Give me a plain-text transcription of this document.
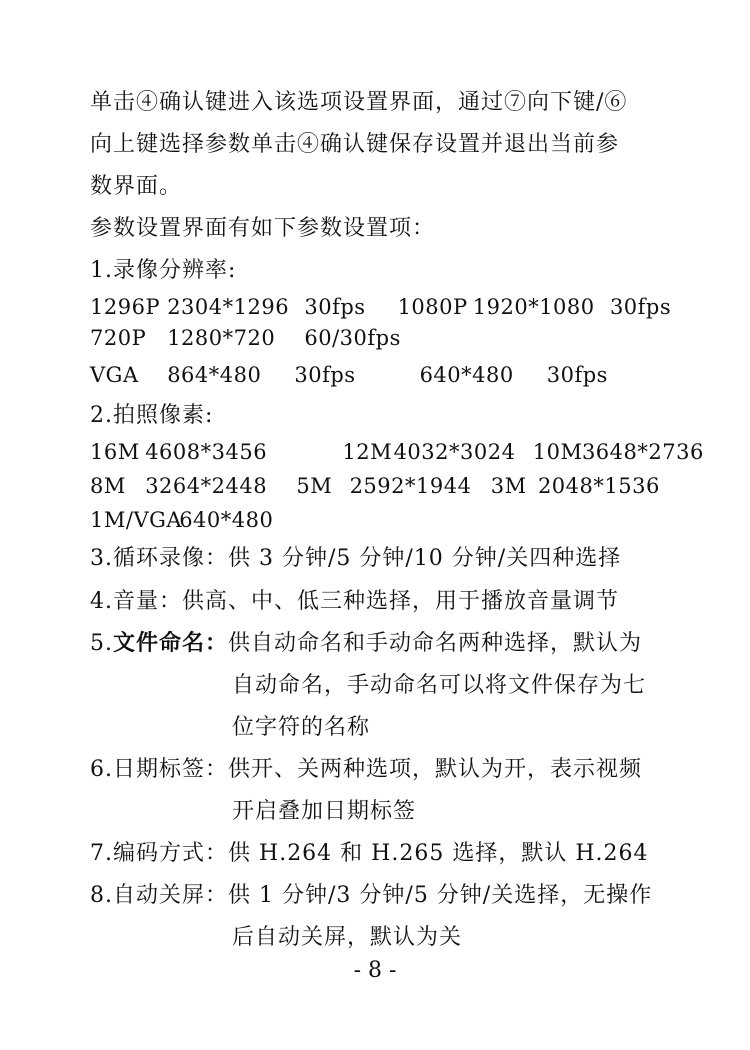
单击④确认键进入该选项设置界面，通过⑦向下键/⑥
向上键选择参数单击④确认键保存设置并退出当前参
数界面。
参数设置界面有如下参数设置项：
1.录像分辨率:
1296P 2304*1296 30fps 1080P 1920*1080 30fps
720P 1280*720 60/30fps
VGA 864*480 30fps	640*480 30fps
2.拍照像素:
16M 4608*3456	12M 4032*3024 10M 3648*2736
8M 3264*2448 5M 2592*1944 3M 2048*1536
1M/VGA 640*480
3.循环录像：供 3 分钟/5 分钟/10 分钟/关四种选择
4.音量：供高、中、低三种选择，用于播放音量调节
5.文件命名：供自动命名和手动命名两种选择，默认为
自动命名，手动命名可以将文件保存为七
位字符的名称
6.日期标签：供开、关两种选项，默认为开，表示视频
开启叠加日期标签
7.编码方式：供 H.264 和 H.265 选择，默认 H.264
8.自动关屏：供 1 分钟/3 分钟/5 分钟/关选择，无操作
后自动关屏，默认为关
- 8 -
